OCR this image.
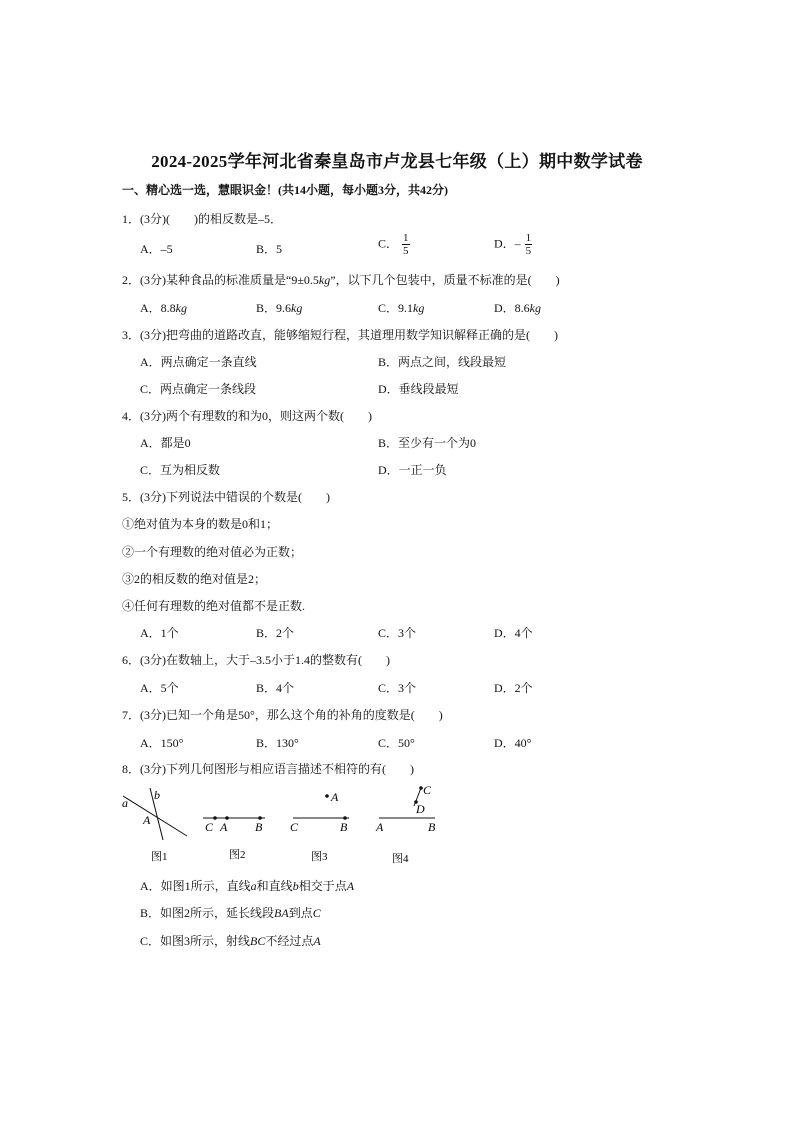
2024-2025学年河北省秦皇岛市卢龙县七年级（上）期中数学试卷
一、精心选一选，慧眼识金！(共14小题，每小题3分，共42分)
1．(3分)(　　)的相反数是–5．
A．–5	B．5	C． $\frac{1}{5}$	D．– $\frac{1}{5}$
2．(3分)某种食品的标准质量是“9±0.5kg”，以下几个包装中，质量不标准的是(　　)
A．8.8kg	B．9.6kg	C．9.1kg	D．8.6kg
3．(3分)把弯曲的道路改直，能够缩短行程，其道理用数学知识解释正确的是(　　)
A．两点确定一条直线	B．两点之间，线段最短
C．两点确定一条线段	D．垂线段最短
4．(3分)两个有理数的和为0，则这两个数(　　)
A．都是0	B．至少有一个为0
C．互为相反数	D．一正一负
5．(3分)下列说法中错误的个数是(　　)
①绝对值为本身的数是0和1；
②一个有理数的绝对值必为正数；
③2的相反数的绝对值是2；
④任何有理数的绝对值都不是正数.
A．1个	B．2个	C．3个	D．4个
6．(3分)在数轴上，大于–3.5小于1.4的整数有(　　)
A．5个	B．4个	C．3个	D．2个
7．(3分)已知一个角是50°，那么这个角的补角的度数是(　　)
A．150°	B．130°	C．50°	D．40°
8．(3分)下列几何图形与相应语言描述不相符的有(　　)
a
b
A
图1
C A B
图2
A
C	B
图3
C
D
A	B
图4
A．如图1所示，直线a和直线b相交于点A
B．如图2所示，延长线段BA到点C
C．如图3所示，射线BC不经过点A
